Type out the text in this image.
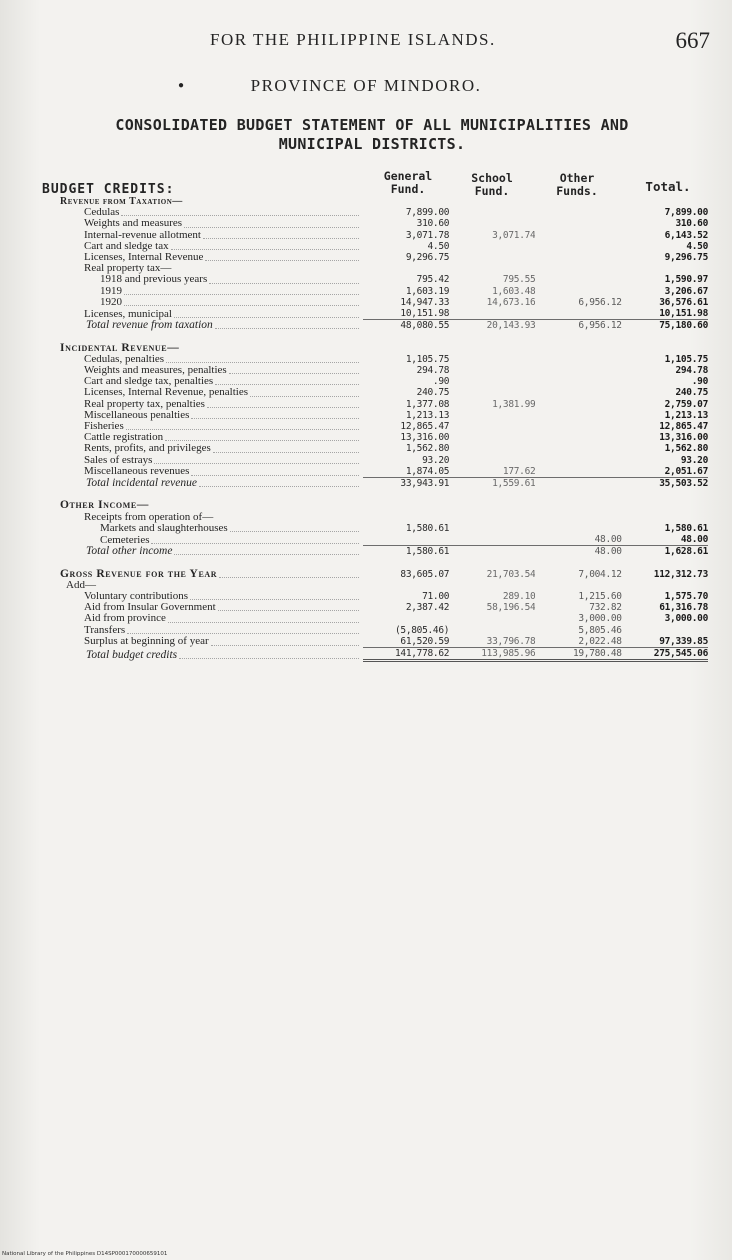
FOR THE PHILIPPINE ISLANDS.	667
●	PROVINCE OF MINDORO.
CONSOLIDATED BUDGET STATEMENT OF ALL MUNICIPALITIES AND
MUNICIPAL DISTRICTS.
General
Fund.
School
Fund.
Other
Funds.	Total.
BUDGET CREDITS:
Revenue from Taxation—				

Cedulas	7,899.00			7,899.00

Weights and measures	310.60			310.60

Internal-revenue allotment	3,071.78	3,071.74		6,143.52

Cart and sledge tax	4.50			4.50

Licenses, Internal Revenue	9,296.75			9,296.75

Real property tax—				

1918 and previous years	795.42	795.55		1,590.97

1919	1,603.19	1,603.48		3,206.67

1920	14,947.33	14,673.16	6,956.12	36,576.61

Licenses, municipal	10,151.98			10,151.98

Total revenue from taxation	48,080.55	20,143.93	6,956.12	75,180.60

Incidental Revenue—				

Cedulas, penalties	1,105.75			1,105.75

Weights and measures, penalties	294.78			294.78

Cart and sledge tax, penalties	.90			.90

Licenses, Internal Revenue, penalties	240.75			240.75

Real property tax, penalties	1,377.08	1,381.99		2,759.07

Miscellaneous penalties	1,213.13			1,213.13

Fisheries	12,865.47			12,865.47

Cattle registration	13,316.00			13,316.00

Rents, profits, and privileges	1,562.80			1,562.80

Sales of estrays	93.20			93.20

Miscellaneous revenues	1,874.05	177.62		2,051.67

Total incidental revenue	33,943.91	1,559.61		35,503.52

Other Income—				

Receipts from operation of—				

Markets and slaughterhouses	1,580.61			1,580.61

Cemeteries			48.00	48.00

Total other income	1,580.61		48.00	1,628.61

Gross Revenue for the Year	83,605.07	21,703.54	7,004.12	112,312.73

Add—				

Voluntary contributions	71.00	289.10	1,215.60	1,575.70

Aid from Insular Government	2,387.42	58,196.54	732.82	61,316.78

Aid from province			3,000.00	3,000.00

Transfers	(5,805.46)		5,805.46	

Surplus at beginning of year	61,520.59	33,796.78	2,022.48	97,339.85

Total budget credits	141,778.62	113,985.96	19,780.48	275,545.06
National Library of the Philippines D14SP000170000659101
